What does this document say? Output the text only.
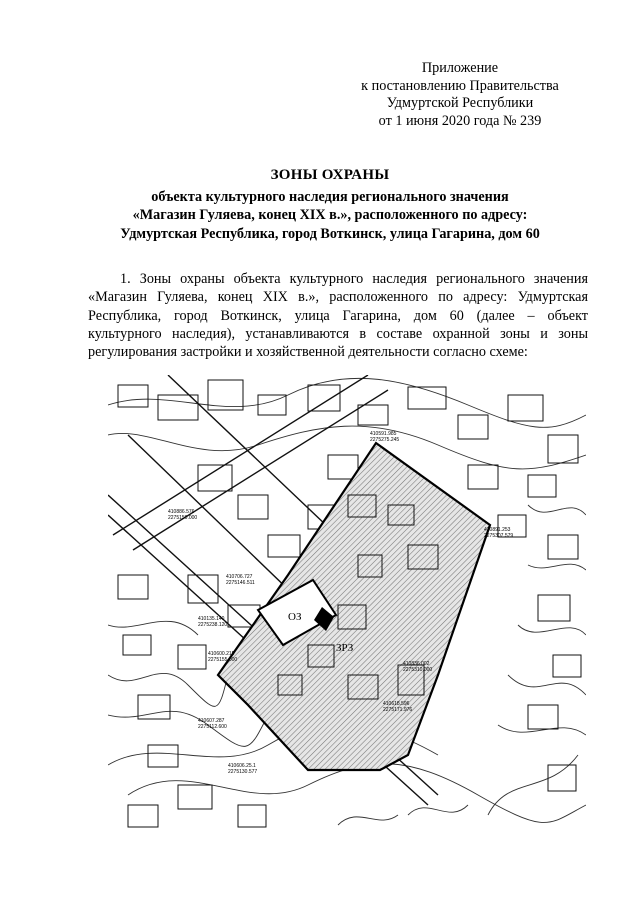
Приложение
к постановлению Правительства
Удмуртской Республики
от 1 июня 2020 года № 239
ЗОНЫ ОХРАНЫ
объекта культурного наследия регионального значения
«Магазин Гуляева, конец XIX в.», расположенного по адресу:
Удмуртская Республика, город Воткинск, улица Гагарина, дом 60
1. Зоны охраны объекта культурного наследия регионального значения
«Магазин Гуляева, конец XIX в.», расположенного по адресу: Удмуртская
Республика, город Воткинск, улица Гагарина, дом 60 (далее – объект
культурного наследия), устанавливаются в составе охранной зоны и зоны
регулирования застройки и хозяйственной деятельности согласно схеме:
ОЗ
ЗРЗ
410591.985
2275275.245
410891.253
2275307.579
410886.576
2275150.000
410706.727
2275146.511
410135.140
2275238.120
410836.002
2275310.000
410600.215
2275155.000
410607.287
2275112.600
410618.596
2275171.976
410606.25.1
2275130.577
